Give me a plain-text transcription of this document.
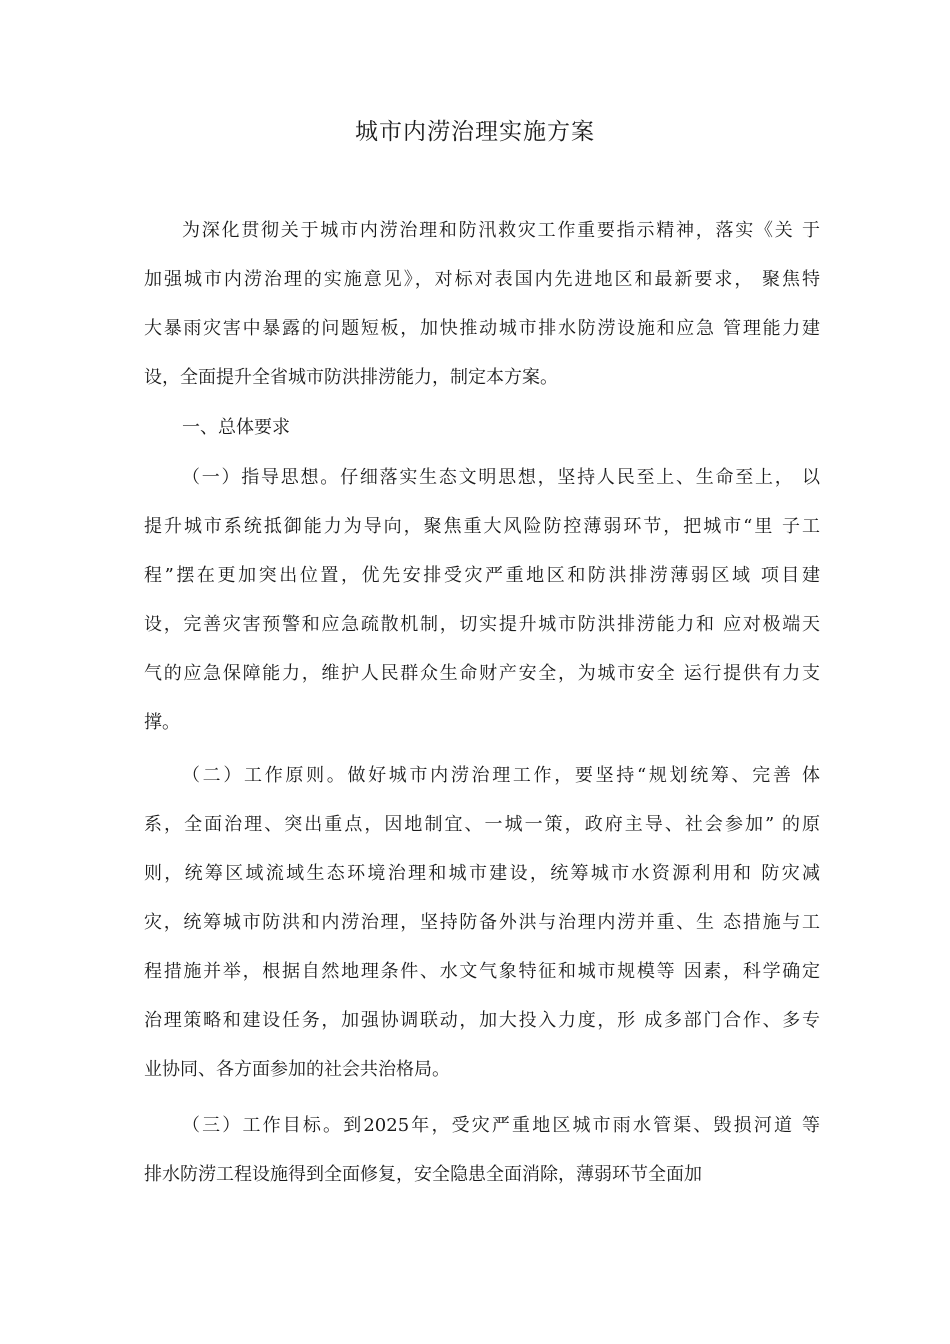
城市内涝治理实施方案
为深化贯彻关于城市内涝治理和防汛救灾工作重要指示精神，落实《关 于
加强城市内涝治理的实施意见》，对标对表国内先进地区和最新要求， 聚焦特
大暴雨灾害中暴露的问题短板，加快推动城市排水防涝设施和应急 管理能力建
设，全面提升全省城市防洪排涝能力，制定本方案。
一、总体要求
（一）指导思想。仔细落实生态文明思想，坚持人民至上、生命至上， 以
提升城市系统抵御能力为导向，聚焦重大风险防控薄弱环节，把城市“里 子工
程”摆在更加突出位置，优先安排受灾严重地区和防洪排涝薄弱区域 项目建
设，完善灾害预警和应急疏散机制，切实提升城市防洪排涝能力和 应对极端天
气的应急保障能力，维护人民群众生命财产安全，为城市安全 运行提供有力支
撑。
（二）工作原则。做好城市内涝治理工作，要坚持“规划统筹、完善 体
系，全面治理、突出重点，因地制宜、一城一策，政府主导、社会参加” 的原
则，统筹区域流域生态环境治理和城市建设，统筹城市水资源利用和 防灾减
灾，统筹城市防洪和内涝治理，坚持防备外洪与治理内涝并重、生 态措施与工
程措施并举，根据自然地理条件、水文气象特征和城市规模等 因素，科学确定
治理策略和建设任务，加强协调联动，加大投入力度，形 成多部门合作、多专
业协同、各方面参加的社会共治格局。
（三）工作目标。到2025年，受灾严重地区城市雨水管渠、毁损河道 等
排水防涝工程设施得到全面修复，安全隐患全面消除，薄弱环节全面加
